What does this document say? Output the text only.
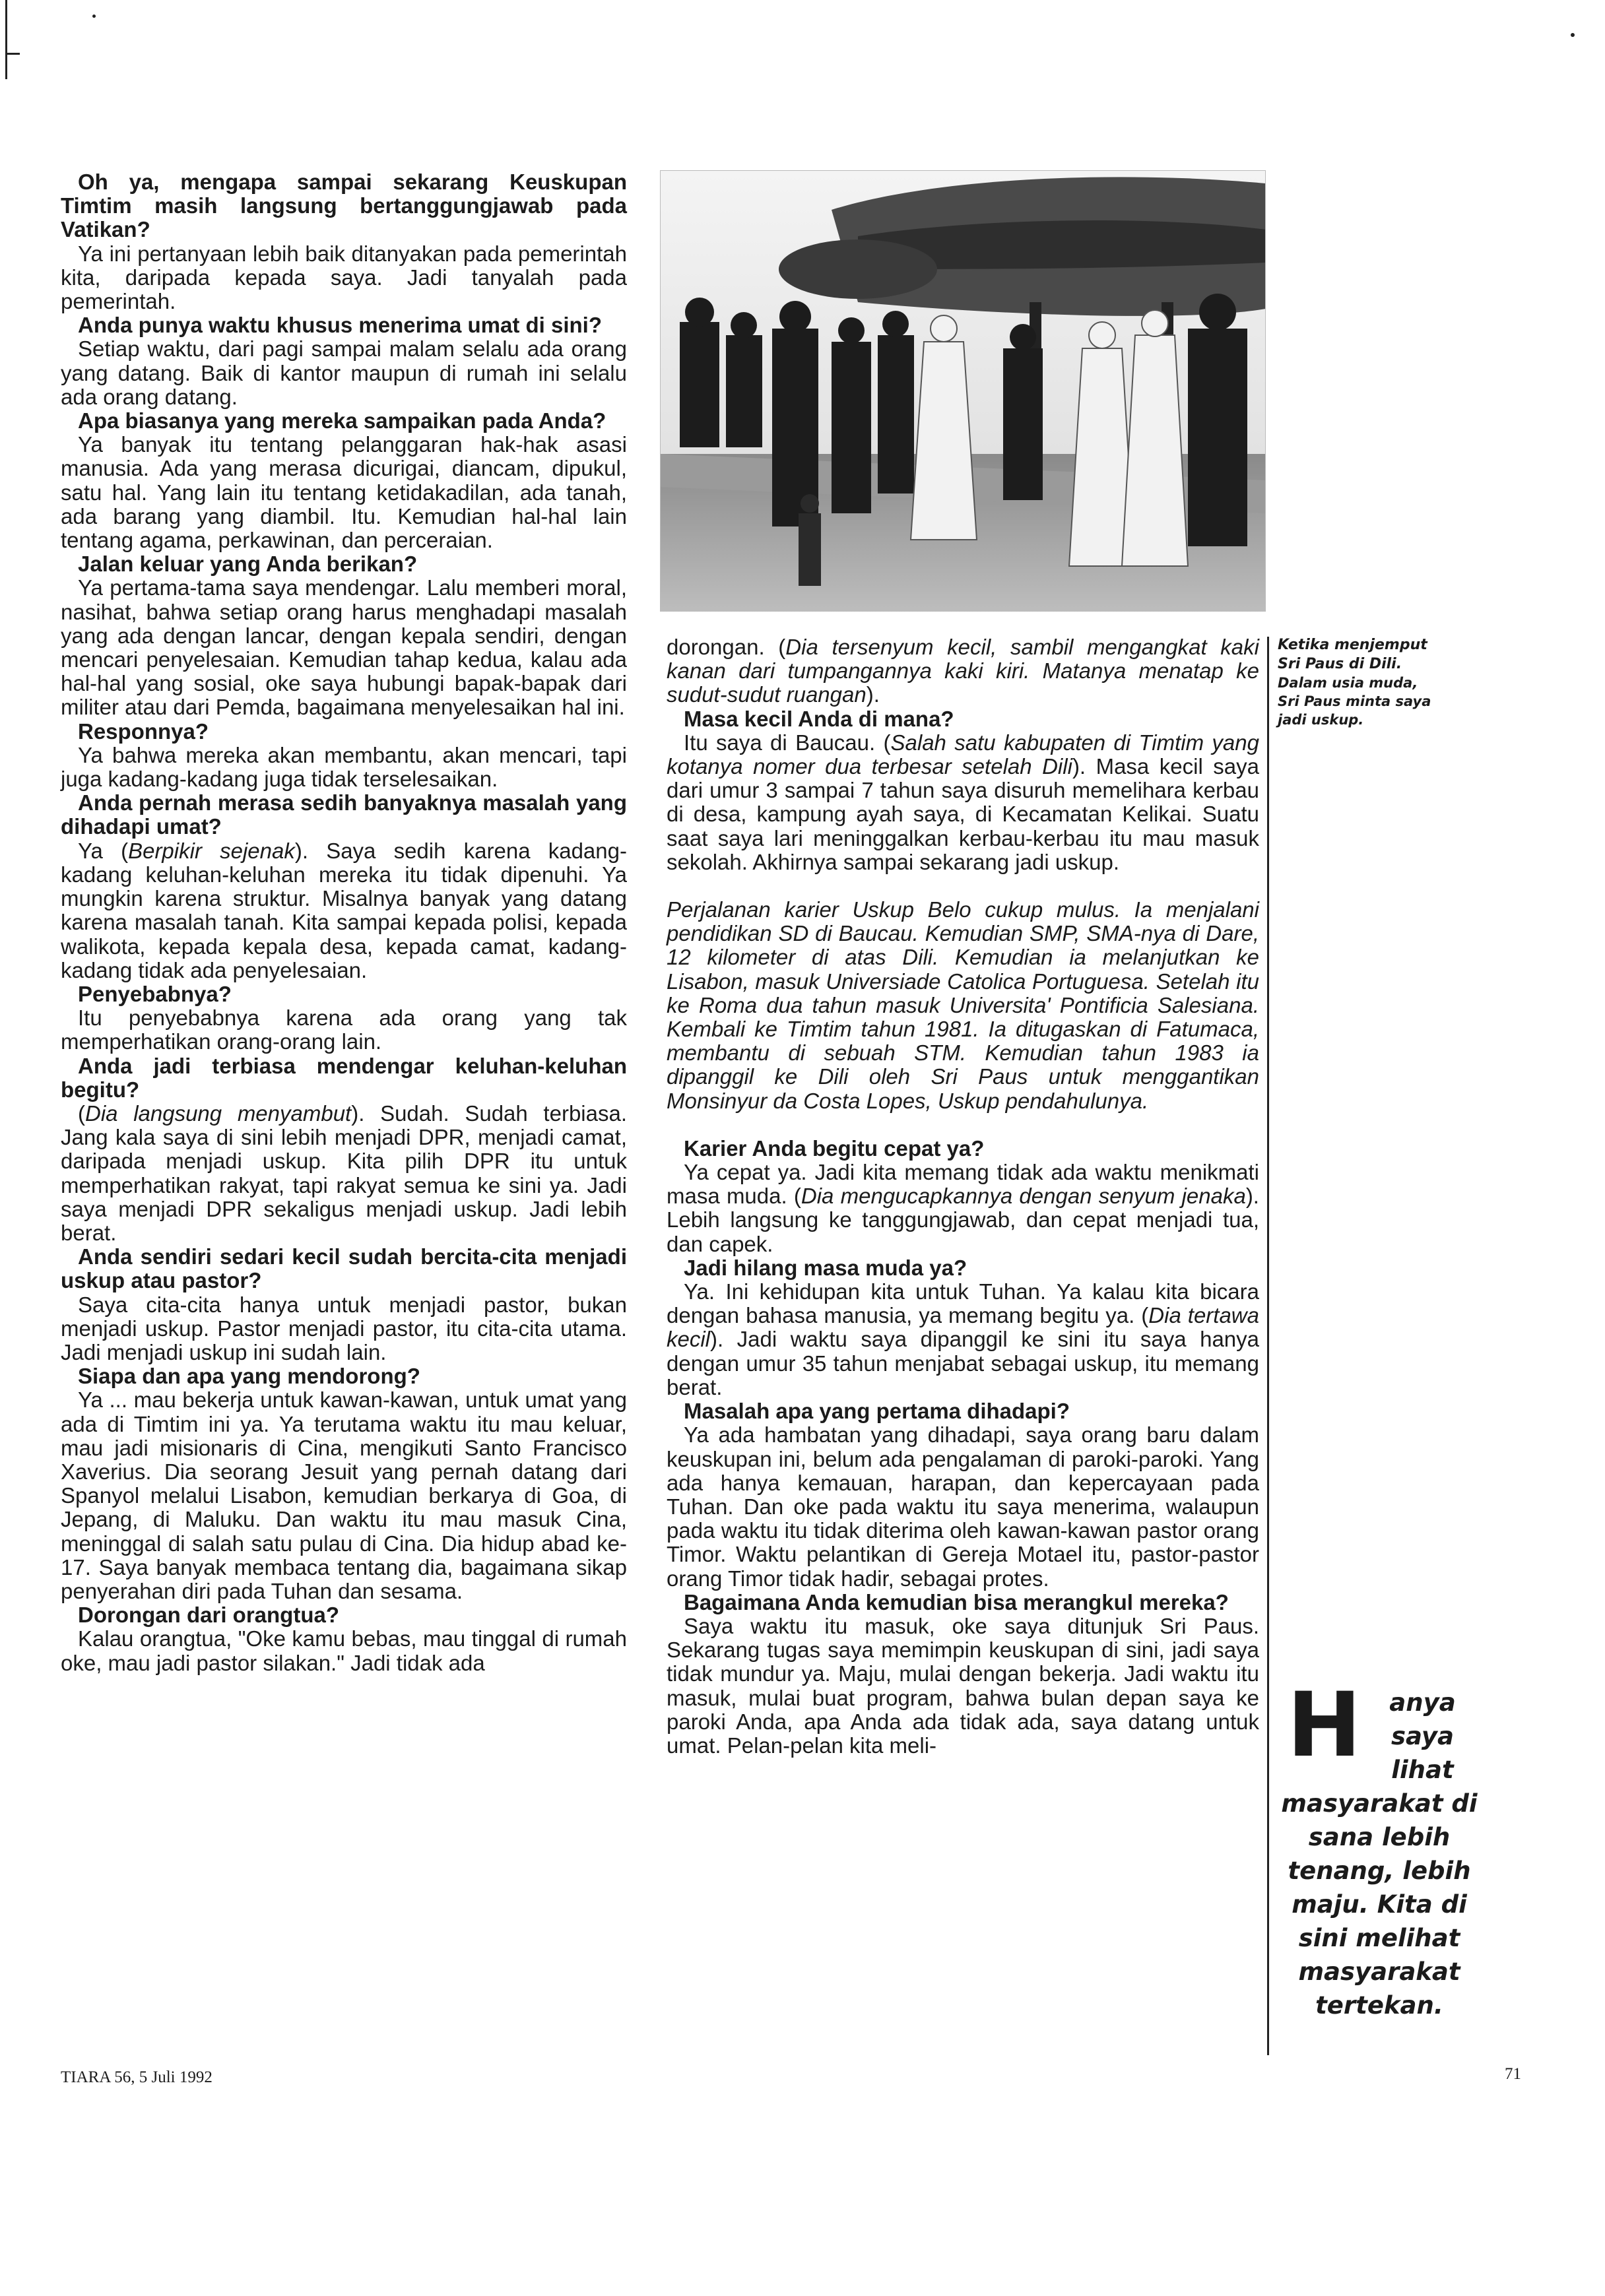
Oh ya, mengapa sampai sekarang Keuskupan Timtim masih langsung bertanggungjawab pada Vatikan?

Ya ini pertanyaan lebih baik ditanyakan pada pemerintah kita, daripada kepada saya. Jadi tanyalah pada pemerintah.

Anda punya waktu khusus menerima umat di sini?

Setiap waktu, dari pagi sampai malam selalu ada orang yang datang. Baik di kantor maupun di rumah ini selalu ada orang datang.

Apa biasanya yang mereka sampaikan pada Anda?

Ya banyak itu tentang pelanggaran hak-hak asasi manusia. Ada yang merasa dicurigai, diancam, dipukul, satu hal. Yang lain itu tentang ketidakadilan, ada tanah, ada barang yang diambil. Itu. Kemudian hal-hal lain tentang agama, perkawinan, dan perceraian.

Jalan keluar yang Anda berikan?

Ya pertama-tama saya mendengar. Lalu memberi moral, nasihat, bahwa setiap orang harus menghadapi masalah yang ada dengan lancar, dengan kepala sendiri, dengan mencari penyelesaian. Kemudian tahap kedua, kalau ada hal-hal yang sosial, oke saya hubungi bapak-bapak dari militer atau dari Pemda, bagaimana menyelesaikan hal ini.

Responnya?

Ya bahwa mereka akan membantu, akan mencari, tapi juga kadang-kadang juga tidak terselesaikan.

Anda pernah merasa sedih banyaknya masalah yang dihadapi umat?

Ya (Berpikir sejenak). Saya sedih karena kadang-kadang keluhan-keluhan mereka itu tidak dipenuhi. Ya mungkin karena struktur. Misalnya banyak yang datang karena masalah tanah. Kita sampai kepada polisi, kepada walikota, kepada kepala desa, kepada camat, kadang-kadang tidak ada penyelesaian.

Penyebabnya?

Itu penyebabnya karena ada orang yang tak memperhatikan orang-orang lain.

Anda jadi terbiasa mendengar keluhan-keluhan begitu?

(Dia langsung menyambut). Sudah. Sudah terbiasa. Jang kala saya di sini lebih menjadi DPR, menjadi camat, daripada menjadi uskup. Kita pilih DPR itu untuk memperhatikan rakyat, tapi rakyat semua ke sini ya. Jadi saya menjadi DPR sekaligus menjadi uskup. Jadi lebih berat.

Anda sendiri sedari kecil sudah bercita-cita menjadi uskup atau pastor?

Saya cita-cita hanya untuk menjadi pastor, bukan menjadi uskup. Pastor menjadi pastor, itu cita-cita utama. Jadi menjadi uskup ini sudah lain.

Siapa dan apa yang mendorong?

Ya ... mau bekerja untuk kawan-kawan, untuk umat yang ada di Timtim ini ya. Ya terutama waktu itu mau keluar, mau jadi misionaris di Cina, mengikuti Santo Francisco Xaverius. Dia seorang Jesuit yang pernah datang dari Spanyol melalui Lisabon, kemudian berkarya di Goa, di Jepang, di Maluku. Dan waktu itu mau masuk Cina, meninggal di salah satu pulau di Cina. Dia hidup abad ke-17. Saya banyak membaca tentang dia, bagaimana sikap penyerahan diri pada Tuhan dan sesama.

Dorongan dari orangtua?

Kalau orangtua, "Oke kamu bebas, mau tinggal di rumah oke, mau jadi pastor silakan." Jadi tidak ada

dorongan. (Dia tersenyum kecil, sambil mengangkat kaki kanan dari tumpangannya kaki kiri. Matanya menatap ke sudut-sudut ruangan).

Masa kecil Anda di mana?

Itu saya di Baucau. (Salah satu kabupaten di Timtim yang kotanya nomer dua terbesar setelah Dili). Masa kecil saya dari umur 3 sampai 7 tahun saya disuruh memelihara kerbau di desa, kampung ayah saya, di Kecamatan Kelikai. Suatu saat saya lari meninggalkan kerbau-kerbau itu mau masuk sekolah. Akhirnya sampai sekarang jadi uskup.

Perjalanan karier Uskup Belo cukup mulus. Ia menjalani pendidikan SD di Baucau. Kemudian SMP, SMA-nya di Dare, 12 kilometer di atas Dili. Kemudian ia melanjutkan ke Lisabon, masuk Universiade Catolica Portuguesa. Setelah itu ke Roma dua tahun masuk Universita' Pontificia Salesiana. Kembali ke Timtim tahun 1981. Ia ditugaskan di Fatumaca, membantu di sebuah STM. Kemudian tahun 1983 ia dipanggil ke Dili oleh Sri Paus untuk menggantikan Monsinyur da Costa Lopes, Uskup pendahulunya.

Karier Anda begitu cepat ya?

Ya cepat ya. Jadi kita memang tidak ada waktu menikmati masa muda. (Dia mengucapkannya dengan senyum jenaka). Lebih langsung ke tanggungjawab, dan cepat menjadi tua, dan capek.

Jadi hilang masa muda ya?

Ya. Ini kehidupan kita untuk Tuhan. Ya kalau kita bicara dengan bahasa manusia, ya memang begitu ya. (Dia tertawa kecil). Jadi waktu saya dipanggil ke sini itu saya hanya dengan umur 35 tahun menjabat sebagai uskup, itu memang berat.

Masalah apa yang pertama dihadapi?

Ya ada hambatan yang dihadapi, saya orang baru dalam keuskupan ini, belum ada pengalaman di paroki-paroki. Yang ada hanya kemauan, harapan, dan kepercayaan pada Tuhan. Dan oke pada waktu itu saya menerima, walaupun pada waktu itu tidak diterima oleh kawan-kawan pastor orang Timor. Waktu pelantikan di Gereja Motael itu, pastor-pastor orang Timor tidak hadir, sebagai protes.

Bagaimana Anda kemudian bisa merangkul mereka?

Saya waktu itu masuk, oke saya ditunjuk Sri Paus. Sekarang tugas saya memimpin keuskupan di sini, jadi saya tidak mundur ya. Maju, mulai dengan bekerja. Jadi waktu itu masuk, mulai buat program, bahwa bulan depan saya ke paroki Anda, apa Anda ada tidak ada, saya datang untuk umat. Pelan-pelan kita meli-

Ketika menjemput Sri Paus di Dili. Dalam usia muda, Sri Paus minta saya jadi uskup.
H anya saya lihat masyarakat di sana lebih tenang, lebih maju. Kita di sini melihat masyarakat tertekan.
TIARA 56, 5 Juli 1992	71
